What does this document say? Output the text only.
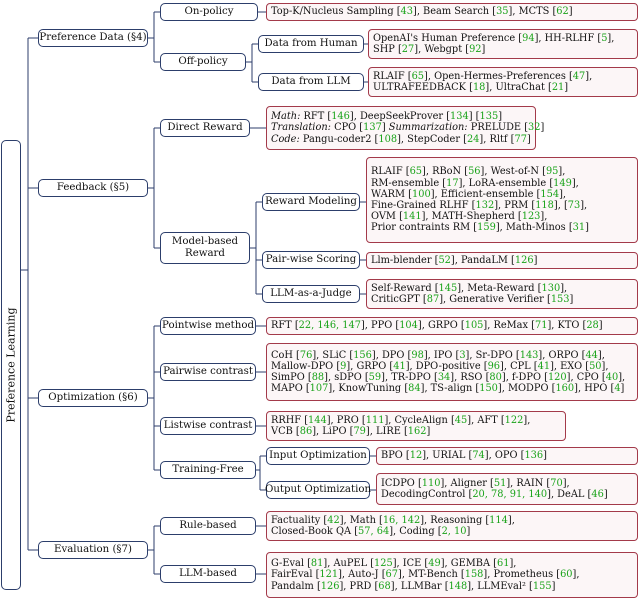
Preference Learning
Preference Data (§4)
Feedback (§5)
Optimization (§6)
Evaluation (§7)
On-policy
Off-policy
Direct Reward
Model-based
Reward
Pointwise method
Pairwise contrast
Listwise contrast
Training-Free
Rule-based
LLM-based
Data from Human
Data from LLM
Reward Modeling
Pair-wise Scoring
LLM-as-a-Judge
Input Optimization
Output Optimization
Top-K/Nucleus Sampling [43], Beam Search [35], MCTS [62]
OpenAI's Human Preference [94], HH-RLHF [5],
SHP [27], Webgpt [92]
RLAIF [65], Open-Hermes-Preferences [47],
ULTRAFEEDBACK [18], UltraChat [21]
Math: RFT [146], DeepSeekProver [134] [135]
Translation: CPO [137] Summarization: PRELUDE [32]
Code: Pangu-coder2 [108], StepCoder [24], Rltf [77]
RLAIF [65], RBoN [56], West-of-N [95],
RM-ensemble [17], LoRA-ensemble [149],
WARM [100], Efficient-ensemble [154],
Fine-Grained RLHF [132], PRM [118], [73],
OVM [141], MATH-Shepherd [123],
Prior contraints RM [159], Math-Minos [31]
Llm-blender [52], PandaLM [126]
Self-Reward [145], Meta-Reward [130],
CriticGPT [87], Generative Verifier [153]
RFT [22, 146, 147], PPO [104], GRPO [105], ReMax [71], KTO [28]
CoH [76], SLiC [156], DPO [98], IPO [3], Sr-DPO [143], ORPO [44],
Mallow-DPO [9], GRPO [41], DPO-positive [96], CPL [41], EXO [50],
SimPO [88], sDPO [59], TR-DPO [34], RSO [80], f-DPO [120], CPO [40],
MAPO [107], KnowTuning [84], TS-align [150], MODPO [160], HPO [4]
RRHF [144], PRO [111], CycleAlign [45], AFT [122],
VCB [86], LiPO [79], LIRE [162]
BPO [12], URIAL [74], OPO [136]
ICDPO [110], Aligner [51], RAIN [70],
DecodingControl [20, 78, 91, 140], DeAL [46]
Factuality [42], Math [16, 142], Reasoning [114],
Closed-Book QA [57, 64], Coding [2, 10]
G-Eval [81], AuPEL [125], ICE [49], GEMBA [61],
FairEval [121], Auto-J [67], MT-Bench [158], Prometheus [60],
Pandalm [126], PRD [68], LLMBar [148], LLMEval² [155]
